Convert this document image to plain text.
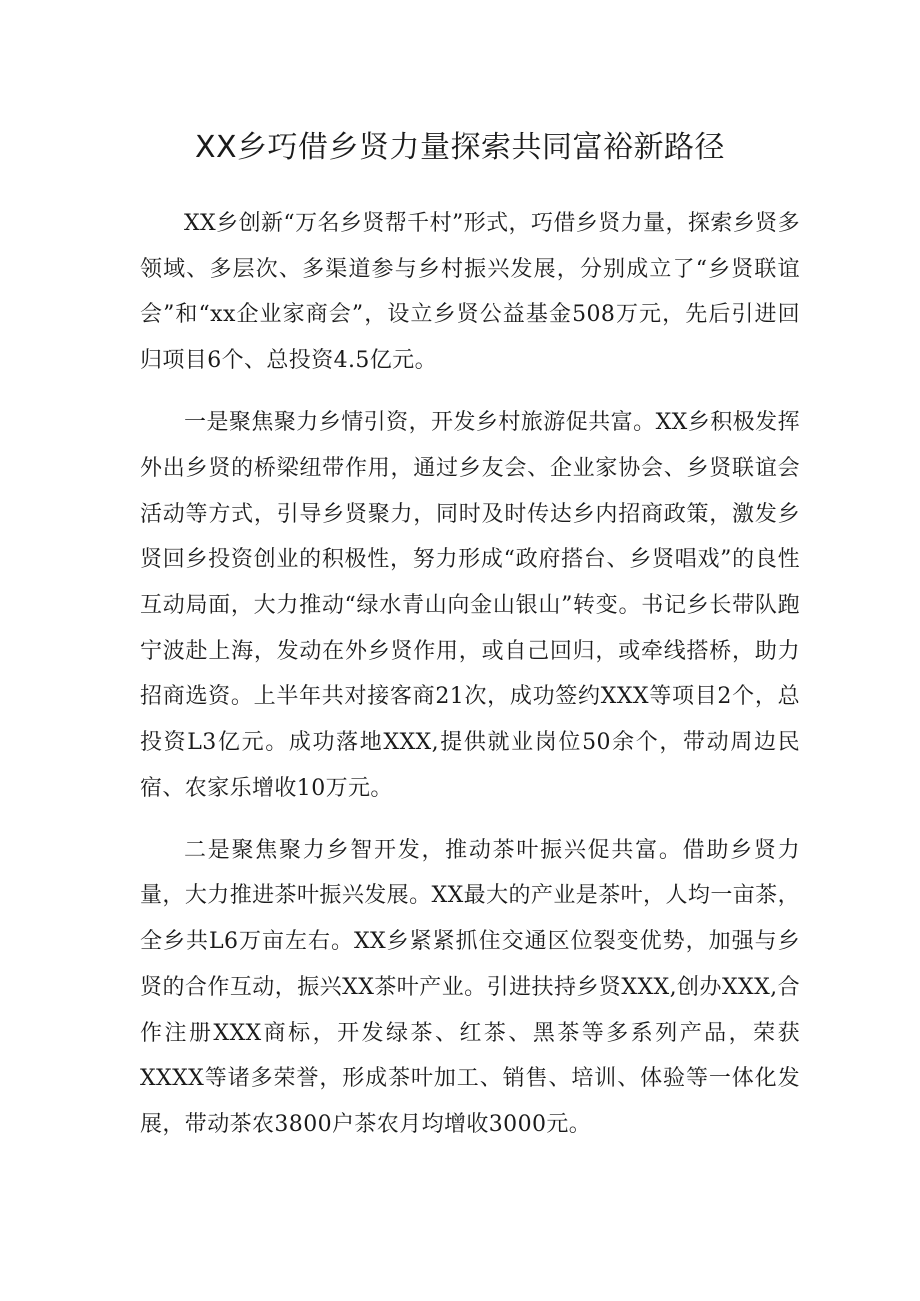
XX乡巧借乡贤力量探索共同富裕新路径

XX乡创新“万名乡贤帮千村”形式，巧借乡贤力量，探索乡贤多领域、多层次、多渠道参与乡村振兴发展，分别成立了“乡贤联谊会”和“xx企业家商会”，设立乡贤公益基金508万元，先后引进回归项目6个、总投资4.5亿元。

一是聚焦聚力乡情引资，开发乡村旅游促共富。XX乡积极发挥外出乡贤的桥梁纽带作用，通过乡友会、企业家协会、乡贤联谊会活动等方式，引导乡贤聚力，同时及时传达乡内招商政策，激发乡贤回乡投资创业的积极性，努力形成“政府搭台、乡贤唱戏”的良性互动局面，大力推动“绿水青山向金山银山”转变。书记乡长带队跑宁波赴上海，发动在外乡贤作用，或自己回归，或牵线搭桥，助力招商选资。上半年共对接客商21次，成功签约XXX等项目2个，总投资L3亿元。成功落地XXX,提供就业岗位50余个，带动周边民宿、农家乐增收10万元。

二是聚焦聚力乡智开发，推动茶叶振兴促共富。借助乡贤力量，大力推进茶叶振兴发展。XX最大的产业是茶叶，人均一亩茶，全乡共L6万亩左右。XX乡紧紧抓住交通区位裂变优势，加强与乡贤的合作互动，振兴XX茶叶产业。引进扶持乡贤XXX,创办XXX,合作注册XXX商标，开发绿茶、红茶、黑茶等多系列产品，荣获XXXX等诸多荣誉，形成茶叶加工、销售、培训、体验等一体化发展，带动茶农3800户茶农月均增收3000元。
